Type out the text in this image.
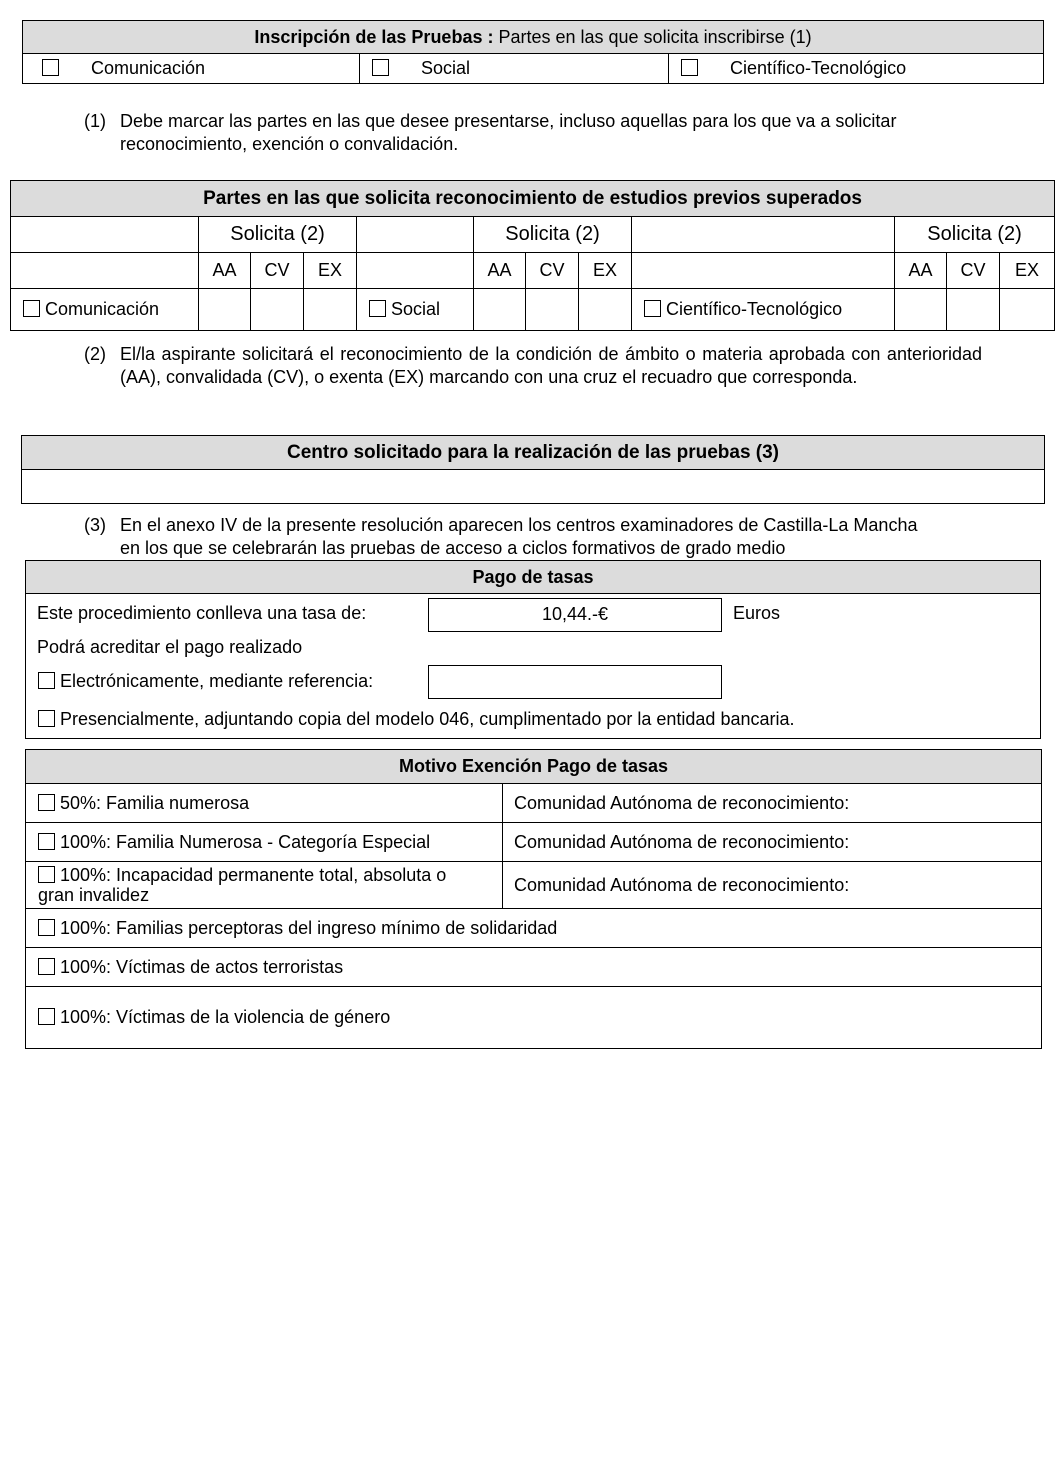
Inscripción de las Pruebas : Partes en las que solicita inscribirse (1)
Comunicación	Social	Científico-Tecnológico
(1) Debe marcar las partes en las que desee presentarse, incluso aquellas para los que va a solicitar
reconocimiento, exención o convalidación.
Partes en las que solicita reconocimiento de estudios previos superados											
	Solicita (2)				Solicita (2)				Solicita (2)		
	AA	CV	EX		AA	CV	EX		AA	CV	EX
Comunicación				Social				Científico-Tecnológico			
(2) El/la aspirante solicitará el reconocimiento de la condición de ámbito o materia aprobada con anterioridad (AA), convalidada (CV), o exenta (EX) marcando con una cruz el recuadro que corresponda.
Centro solicitado para la realización de las pruebas (3)

(3) En el anexo IV de la presente resolución aparecen los centros examinadores de Castilla-La Mancha
en los que se celebrarán las pruebas de acceso a ciclos formativos de grado medio
Pago de tasas
Este procedimiento conlleva una tasa de:	10,44.-€	Euros
Podrá acreditar el pago realizado
Electrónicamente, mediante referencia:
Presencialmente, adjuntando copia del modelo 046, cumplimentado por la entidad bancaria.
Motivo Exención Pago de tasas	
50%: Familia numerosa	Comunidad Autónoma de reconocimiento:
100%: Familia Numerosa - Categoría Especial	Comunidad Autónoma de reconocimiento:

100%: Incapacidad permanente total, absoluta o
gran invalidez	Comunidad Autónoma de reconocimiento:
100%: Familias perceptoras del ingreso mínimo de solidaridad	
100%: Víctimas de actos terroristas	
100%: Víctimas de la violencia de género	
